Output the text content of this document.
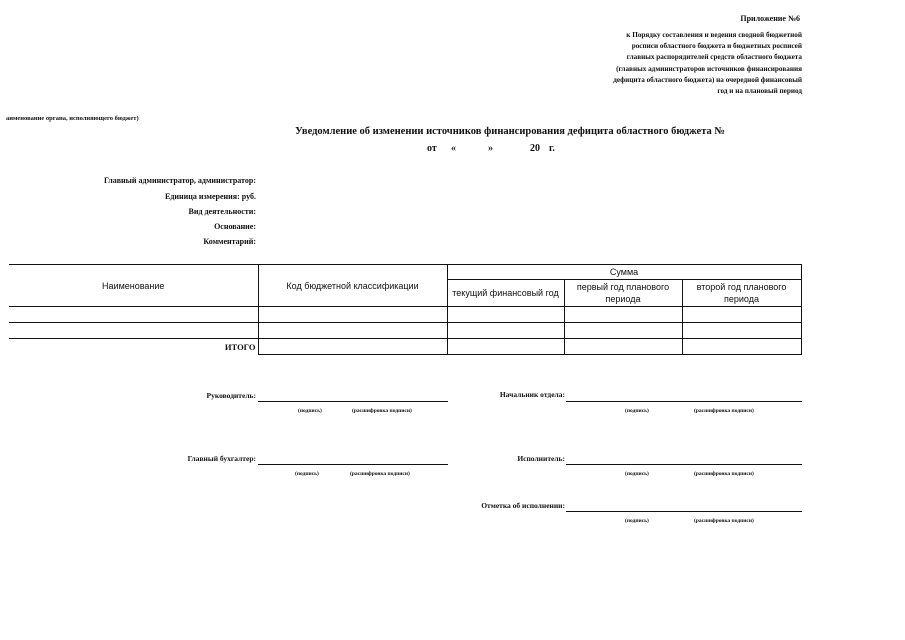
Приложение №6
к Порядку составления и ведения сводной бюджетной
росписи областного бюджета и бюджетных росписей
главных распорядителей средств областного бюджета
(главных администраторов источников финансирования
дефицита областного бюджета) на очередной финансовый
год и на плановый период
аименование органа, исполняющего бюджет)
Уведомление об изменении источников финансирования дефицита областного бюджета №
от «	»	20 г.
Главный администратор, администратор:
Единица измерения: руб.
Вид деятельности:
Основание:
Комментарий:
Наименование	Код бюджетной классификации	Сумма		
		текущий финансовый год	первый год планового периода	второй год планового периода

ИТОГО				
Руководитель:
(подпись)	(расшифровка подписи)
Главный бухгалтер:
(подпись)	(расшифровка подписи)
Начальник отдела:
(подпись)	(расшифровка подписи)
Исполнитель:
(подпись)	(расшифровка подписи)
Отметка об исполнении:
(подпись)	(расшифровка подписи)
